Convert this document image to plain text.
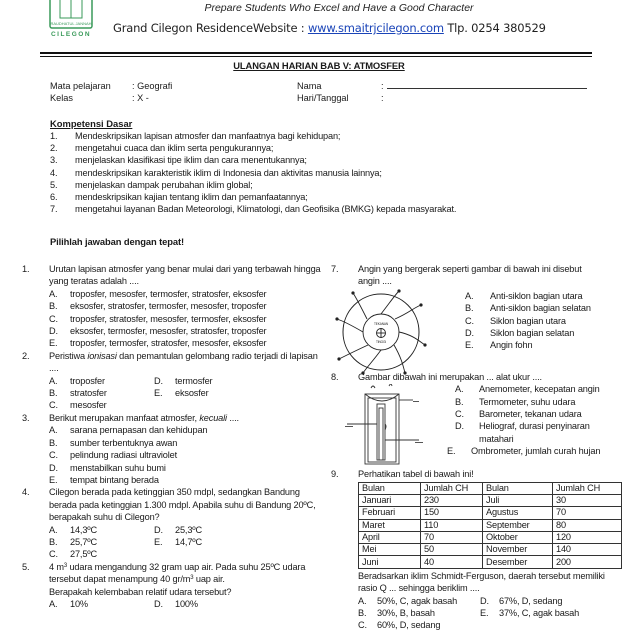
RAUDHATUL JANNAH
CILEGON
Prepare Students Who Excel and Have a Good Character
Grand Cilegon ResidenceWebsite : www.smaitrjcilegon.com Tlp. 0254 380529
ULANGAN HARIAN BAB V: ATMOSFER
Mata pelajaran	: Geografi
Kelas	: X -
Nama	:
Hari/Tanggal	:
Kompetensi Dasar
1.	Mendeskripsikan lapisan atmosfer dan manfaatnya bagi kehidupan;
2.	mengetahui cuaca dan iklim serta pengukurannya;
3.	menjelaskan klasifikasi tipe iklim dan cara menentukannya;
4.	mendeskripsikan karakteristik iklim di Indonesia dan aktivitas manusia lainnya;
5.	menjelaskan dampak perubahan iklim global;
6.	mendeskripsikan kajian tentang iklim dan pemanfaatannya;
7.	mengetahui layanan Badan Meteorologi, Klimatologi, dan Geofisika (BMKG) kepada masyarakat.
Pilihlah jawaban dengan tepat!
1.	Urutan lapisan atmosfer yang benar mulai dari yang terbawah hingga yang teratas adalah ....
A.	troposfer, mesosfer, termosfer, stratosfer, eksosfer
B.	eksosfer, stratosfer, termosfer, mesosfer, troposfer
C.	troposfer, stratosfer, mesosfer, termosfer, eksosfer
D.	eksosfer, termosfer, mesosfer, stratosfer, troposfer
E.	troposfer, termosfer, stratosfer, mesosfer, eksosfer
2.	Peristiwa ionisasi dan pemantulan gelombang radio terjadi di lapisan ....
A.	troposfer	D.	termosfer
B.	stratosfer	E.	eksosfer
C.	mesosfer
3.	Berikut merupakan manfaat atmosfer, kecuali ....
A.	sarana pernapasan dan kehidupan
B.	sumber terbentuknya awan
C.	pelindung radiasi ultraviolet
D.	menstabilkan suhu bumi
E.	tempat bintang berada
4.	Cilegon berada pada ketinggian 350 mdpl, sedangkan Bandung berada pada ketinggian 1.300 mdpl. Apabila suhu di Bandung 20ºC, berapakah suhu di Cilegon?
A.	14,3ºC	D.	25,3ºC
B.	25,7ºC	E.	14,7ºC
C.	27,5ºC
5.	4 $m^3$ udara mengandung 32 gram uap air. Pada suhu 25ºC udara tersebut dapat menampung 40 $gr/m^3$ uap air.
Berapakah kelembaban relatif udara tersebut?
A.	10%	D.	100%
7.	Angin yang bergerak seperti gambar di bawah ini disebut angin ....
TEKANAN
TINGGI
A.	Anti-siklon bagian utara
B.	Anti-siklon bagian selatan
C.	Siklon bagian utara
D.	Siklon bagian selatan
E.	Angin fohn
8.	Gambar dibawah ini merupakan ... alat ukur ....
A.	Anemometer, kecepatan angin
B.	Termometer, suhu udara
C.	Barometer, tekanan udara
D.	Heliograf, durasi penyinaran matahari
E.	Ombrometer, jumlah curah hujan
9.	Perhatikan tabel di bawah ini!
Bulan	Jumlah CH	Bulan	Jumlah CH
Januari	230	Juli	30
Februari	150	Agustus	70
Maret	110	September	80
April	70	Oktober	120
Mei	50	November	140
Juni	40	Desember	200
Beradsarkan iklim Schmidt-Ferguson, daerah tersebut memiliki rasio Q ... sehingga beriklim ....
A.	50%, C, agak basah D.	67%, D, sedang
B.	30%, B, basah	E.	37%, C, agak basah
C.	60%, D, sedang
